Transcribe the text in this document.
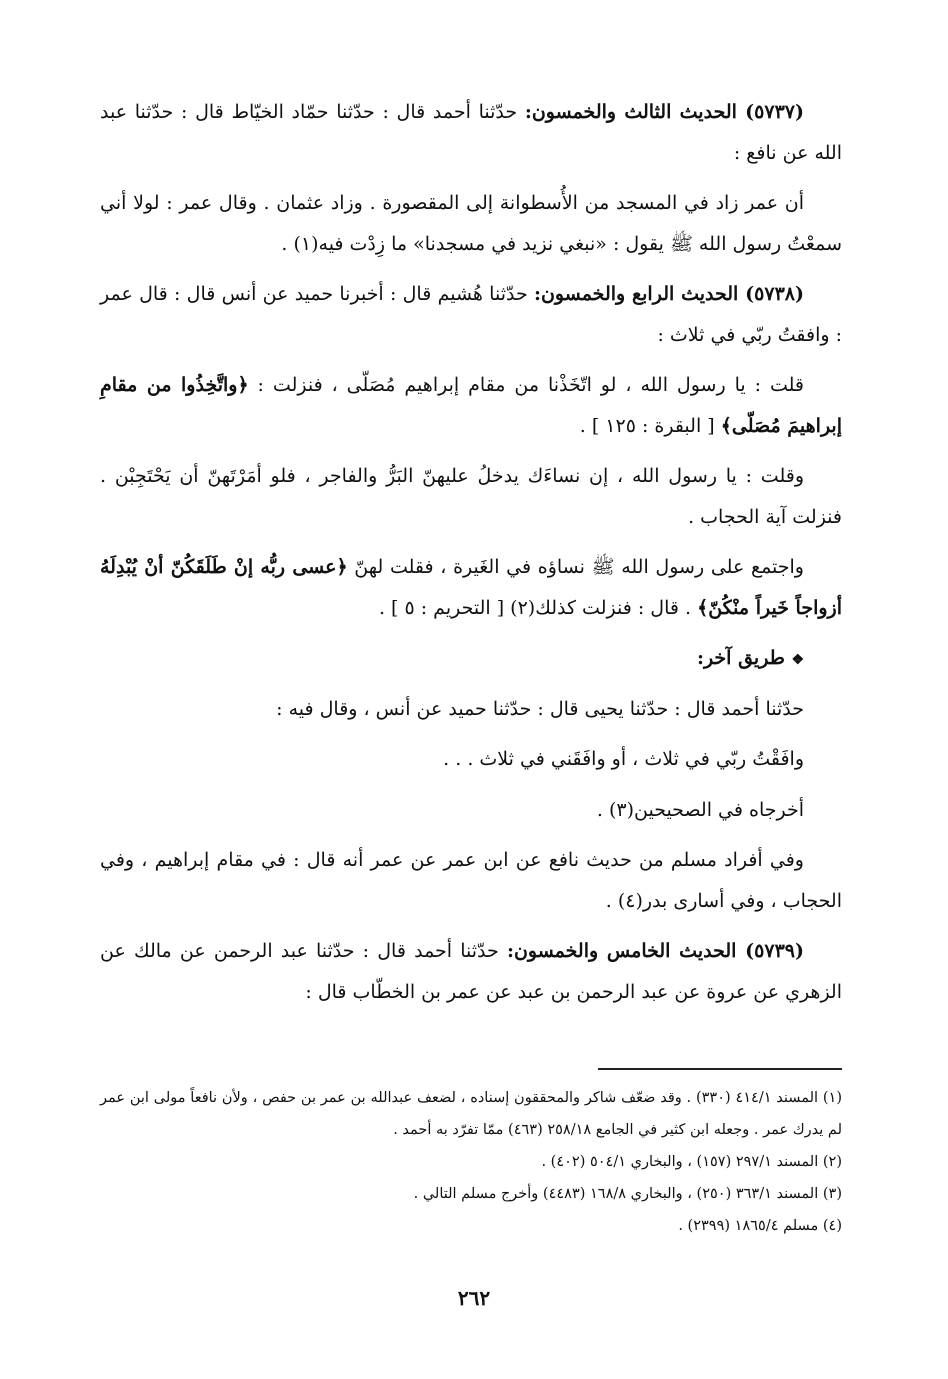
(٥٧٣٧) الحديث الثالث والخمسون: حدّثنا أحمد قال : حدّثنا حمّاد الخيّاط قال : حدّثنا عبد الله عن نافع :

أن عمر زاد في المسجد من الأُسطوانة إلى المقصورة . وزاد عثمان . وقال عمر : لولا أني سمعْتُ رسول الله ﷺ يقول : «نبغي نزيد في مسجدنا» ما زِدْت فيه(١) .

(٥٧٣٨) الحديث الرابع والخمسون: حدّثنا هُشيم قال : أخبرنا حميد عن أنس قال : قال عمر : وافقتُ ربّي في ثلاث :

قلت : يا رسول الله ، لو اتّخَذْنا من مقام إبراهيم مُصَلّى ، فنزلت : ﴿واتَّخِذُوا من مقامِ إبراهيمَ مُصَلّى﴾ [ البقرة : ١٢٥ ] .

وقلت : يا رسول الله ، إن نساءَك يدخلُ عليهنّ البَرُّ والفاجر ، فلو أمَرْتَهنّ أن يَحْتَجِبْن . فنزلت آية الحجاب .

واجتمع على رسول الله ﷺ نساؤه في الغَيرة ، فقلت لهنّ ﴿عسى ربُّه إنْ طَلَقَكُنّ أنْ يُبْدِلَهُ أزواجاً خَيراً منْكُنّ﴾ . قال : فنزلت كذلك(٢) [ التحريم : ٥ ] .

❖ طريق آخر:

حدّثنا أحمد قال : حدّثنا يحيى قال : حدّثنا حميد عن أنس ، وقال فيه :

وافَقْتُ ربّي في ثلاث ، أو وافَقَني في ثلاث . . .

أخرجاه في الصحيحين(٣) .

وفي أفراد مسلم من حديث نافع عن ابن عمر عن عمر أنه قال : في مقام إبراهيم ، وفي الحجاب ، وفي أسارى بدر(٤) .

(٥٧٣٩) الحديث الخامس والخمسون: حدّثنا أحمد قال : حدّثنا عبد الرحمن عن مالك عن الزهري عن عروة عن عبد الرحمن بن عبد عن عمر بن الخطّاب قال :

(١) المسند ٤١٤/١ (٣٣٠) . وقد ضعّف شاكر والمحققون إسناده ، لضعف عبدالله بن عمر بن حفص ، ولأن نافعاً مولى ابن عمر لم يدرك عمر . وجعله ابن كثير في الجامع ٢٥٨/١٨ (٤٦٣) ممّا تفرّد به أحمد .

(٢) المسند ٢٩٧/١ (١٥٧) ، والبخاري ٥٠٤/١ (٤٠٢) .

(٣) المسند ٣٦٣/١ (٢٥٠) ، والبخاري ١٦٨/٨ (٤٤٨٣) وأخرج مسلم التالي .

(٤) مسلم ١٨٦٥/٤ (٢٣٩٩) .

٢٦٢
